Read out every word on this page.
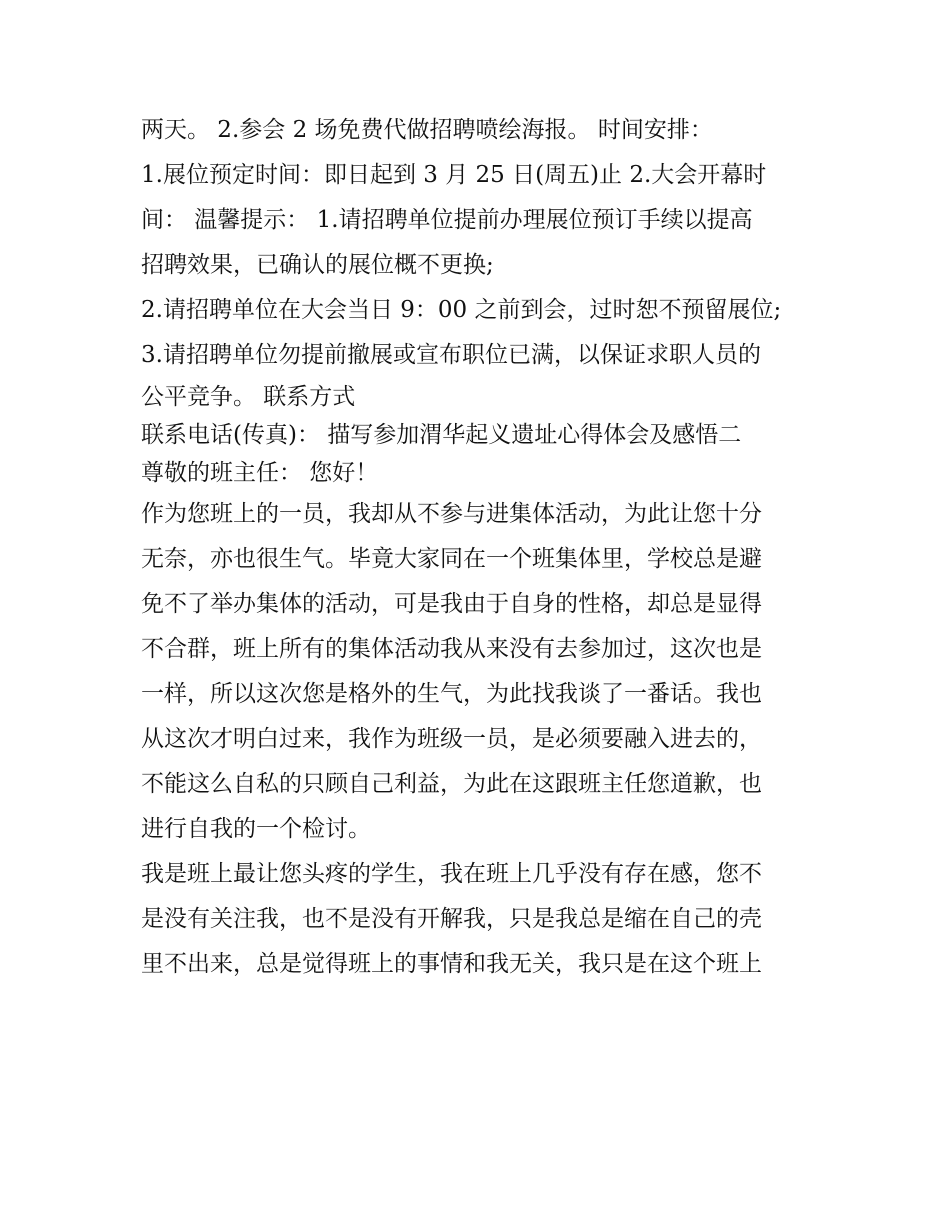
两天。 2.参会 2 场免费代做招聘喷绘海报。 时间安排：
1.展位预定时间：即日起到 3 月 25 日(周五)止 2.大会开幕时
间： 温馨提示： 1.请招聘单位提前办理展位预订手续以提高
招聘效果，已确认的展位概不更换;
2.请招聘单位在大会当日 9：00 之前到会，过时恕不预留展位;
3.请招聘单位勿提前撤展或宣布职位已满，以保证求职人员的
公平竞争。 联系方式
联系电话(传真)： 描写参加渭华起义遗址心得体会及感悟二
尊敬的班主任： 您好！
作为您班上的一员，我却从不参与进集体活动，为此让您十分
无奈，亦也很生气。毕竟大家同在一个班集体里，学校总是避
免不了举办集体的活动，可是我由于自身的性格，却总是显得
不合群，班上所有的集体活动我从来没有去参加过，这次也是
一样，所以这次您是格外的生气，为此找我谈了一番话。我也
从这次才明白过来，我作为班级一员，是必须要融入进去的，
不能这么自私的只顾自己利益，为此在这跟班主任您道歉，也
进行自我的一个检讨。
我是班上最让您头疼的学生，我在班上几乎没有存在感，您不
是没有关注我，也不是没有开解我，只是我总是缩在自己的壳
里不出来，总是觉得班上的事情和我无关，我只是在这个班上
